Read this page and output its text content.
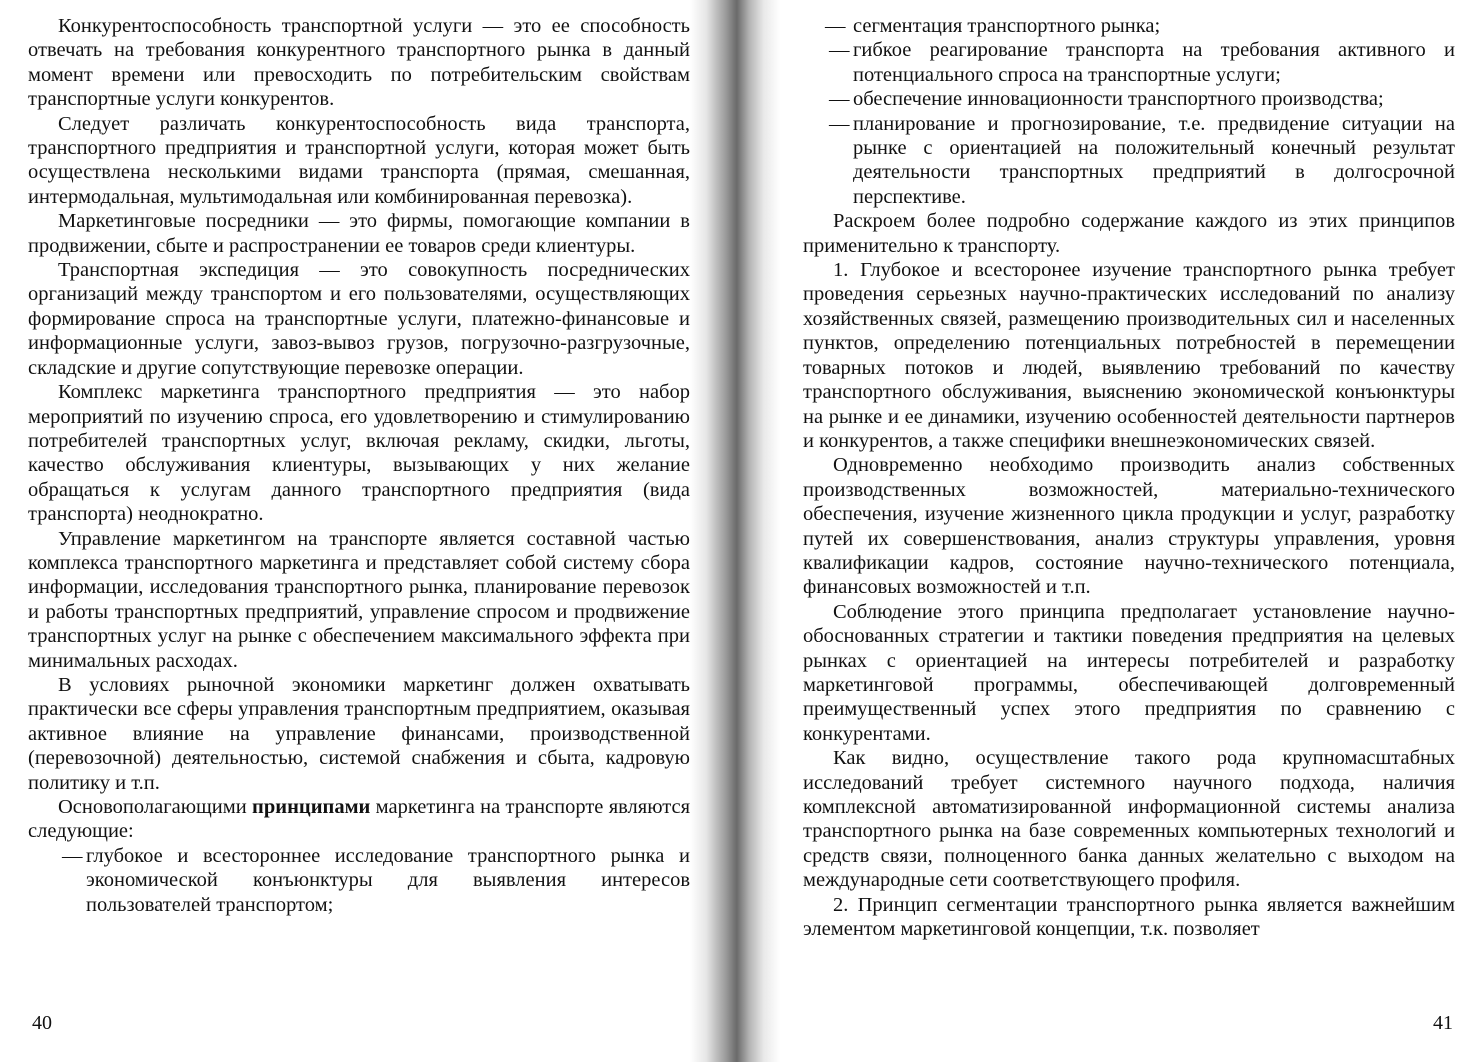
Конкурентоспособность транспортной услуги — это ее способность отвечать на требования конкурентного транспортного рынка в данный момент времени или превосходить по потребительским свойствам транспортные услуги конкурентов.

Следует различать конкурентоспособность вида транспорта, транспортного предприятия и транспортной услуги, которая может быть осуществлена несколькими видами транспорта (прямая, смешанная, интермодальная, мультимодальная или комбинированная перевозка).

Маркетинговые посредники — это фирмы, помогающие компании в продвижении, сбыте и распространении ее товаров среди клиентуры.

Транспортная экспедиция — это совокупность посреднических организаций между транспортом и его пользователями, осуществляющих формирование спроса на транспортные услуги, платежно-финансовые и информационные услуги, завоз-вывоз грузов, погрузочно-разгрузочные, складские и другие сопутствующие перевозке операции.

Комплекс маркетинга транспортного предприятия — это набор мероприятий по изучению спроса, его удовлетворению и стимулированию потребителей транспортных услуг, включая рекламу, скидки, льготы, качество обслуживания клиентуры, вызывающих у них желание обращаться к услугам данного транспортного предприятия (вида транспорта) неоднократно.

Управление маркетингом на транспорте является составной частью комплекса транспортного маркетинга и представляет собой систему сбора информации, исследования транспортного рынка, планирование перевозок и работы транспортных предприятий, управление спросом и продвижение транспортных услуг на рынке с обеспечением максимального эффекта при минимальных расходах.

В условиях рыночной экономики маркетинг должен охватывать практически все сферы управления транспортным предприятием, оказывая активное влияние на управление финансами, производственной (перевозочной) деятельностью, системой снабжения и сбыта, кадровую политику и т.п.

Основополагающими принципами маркетинга на транспорте являются следующие:

— глубокое и всестороннее исследование транспортного рынка и экономической конъюнктуры для выявления интересов пользователей транспортом;
40
— сегментация транспортного рынка;
— гибкое реагирование транспорта на требования активного и потенциального спроса на транспортные услуги;
— обеспечение инновационности транспортного производства;
— планирование и прогнозирование, т.е. предвидение ситуации на рынке с ориентацией на положительный конечный результат деятельности транспортных предприятий в долгосрочной перспективе.

Раскроем более подробно содержание каждого из этих принципов применительно к транспорту.

1. Глубокое и всесторонее изучение транспортного рынка требует проведения серьезных научно-практических исследований по анализу хозяйственных связей, размещению производительных сил и населенных пунктов, определению потенциальных потребностей в перемещении товарных потоков и людей, выявлению требований по качеству транспортного обслуживания, выяснению экономической конъюнктуры на рынке и ее динамики, изучению особенностей деятельности партнеров и конкурентов, а также специфики внешнеэкономических связей.

Одновременно необходимо производить анализ собственных производственных возможностей, материально-технического обеспечения, изучение жизненного цикла продукции и услуг, разработку путей их совершенствования, анализ структуры управления, уровня квалификации кадров, состояние научно-технического потенциала, финансовых возможностей и т.п.

Соблюдение этого принципа предполагает установление научно-обоснованных стратегии и тактики поведения предприятия на целевых рынках с ориентацией на интересы потребителей и разработку маркетинговой программы, обеспечивающей долговременный преимущественный успех этого предприятия по сравнению с конкурентами.

Как видно, осуществление такого рода крупномасштабных исследований требует системного научного подхода, наличия комплексной автоматизированной информационной системы анализа транспортного рынка на базе современных компьютерных технологий и средств связи, полноценного банка данных желательно с выходом на международные сети соответствующего профиля.

2. Принцип сегментации транспортного рынка является важнейшим элементом маркетинговой концепции, т.к. позволяет

41
